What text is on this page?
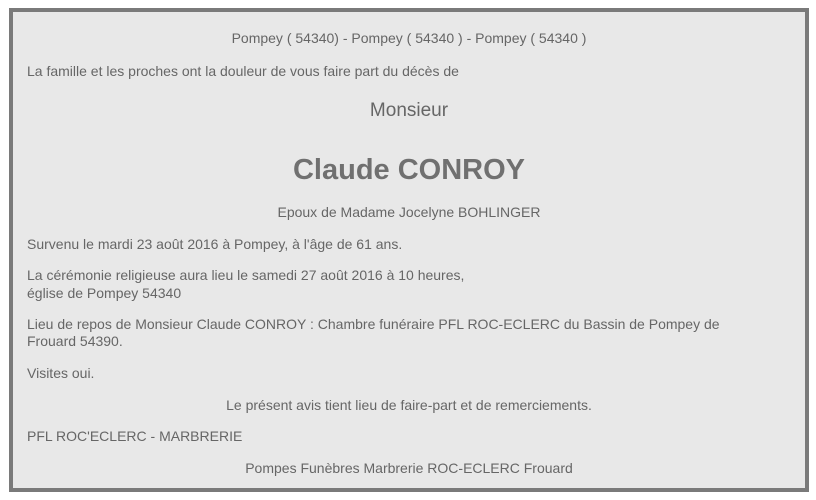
Pompey ( 54340) - Pompey ( 54340 ) - Pompey ( 54340 )
La famille et les proches ont la douleur de vous faire part du décès de
Monsieur
Claude CONROY
Epoux de Madame Jocelyne BOHLINGER
Survenu le mardi 23 août 2016 à Pompey, à l'âge de 61 ans.
La cérémonie religieuse aura lieu le samedi 27 août 2016 à 10 heures,
église de Pompey 54340
Lieu de repos de Monsieur Claude CONROY : Chambre funéraire PFL ROC-ECLERC du Bassin de Pompey de Frouard 54390.
Visites oui.
Le présent avis tient lieu de faire-part et de remerciements.
PFL ROC'ECLERC - MARBRERIE
Pompes Funèbres Marbrerie ROC-ECLERC Frouard
